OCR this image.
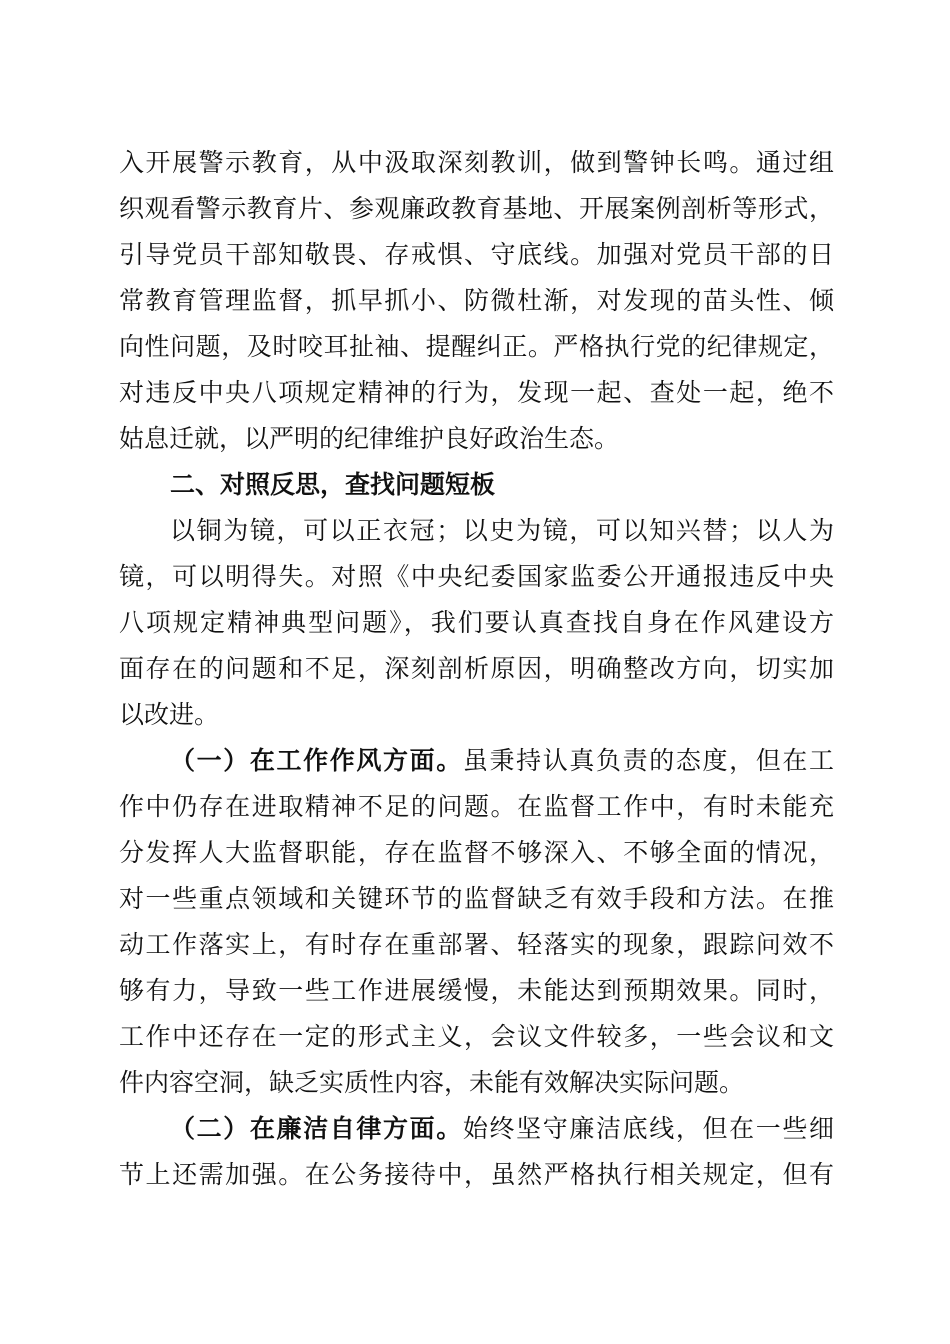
入开展警示教育，从中汲取深刻教训，做到警钟长鸣。通过组
织观看警示教育片、参观廉政教育基地、开展案例剖析等形式，
引导党员干部知敬畏、存戒惧、守底线。加强对党员干部的日
常教育管理监督，抓早抓小、防微杜渐，对发现的苗头性、倾
向性问题，及时咬耳扯袖、提醒纠正。严格执行党的纪律规定，
对违反中央八项规定精神的行为，发现一起、查处一起，绝不
姑息迁就，以严明的纪律维护良好政治生态。
二、对照反思，查找问题短板
以铜为镜，可以正衣冠；以史为镜，可以知兴替；以人为
镜，可以明得失。对照《中央纪委国家监委公开通报违反中央
八项规定精神典型问题》，我们要认真查找自身在作风建设方
面存在的问题和不足，深刻剖析原因，明确整改方向，切实加
以改进。
（一）在工作作风方面。虽秉持认真负责的态度，但在工
作中仍存在进取精神不足的问题。在监督工作中，有时未能充
分发挥人大监督职能，存在监督不够深入、不够全面的情况，
对一些重点领域和关键环节的监督缺乏有效手段和方法。在推
动工作落实上，有时存在重部署、轻落实的现象，跟踪问效不
够有力，导致一些工作进展缓慢，未能达到预期效果。同时，
工作中还存在一定的形式主义，会议文件较多，一些会议和文
件内容空洞，缺乏实质性内容，未能有效解决实际问题。
（二）在廉洁自律方面。始终坚守廉洁底线，但在一些细
节上还需加强。在公务接待中，虽然严格执行相关规定，但有
